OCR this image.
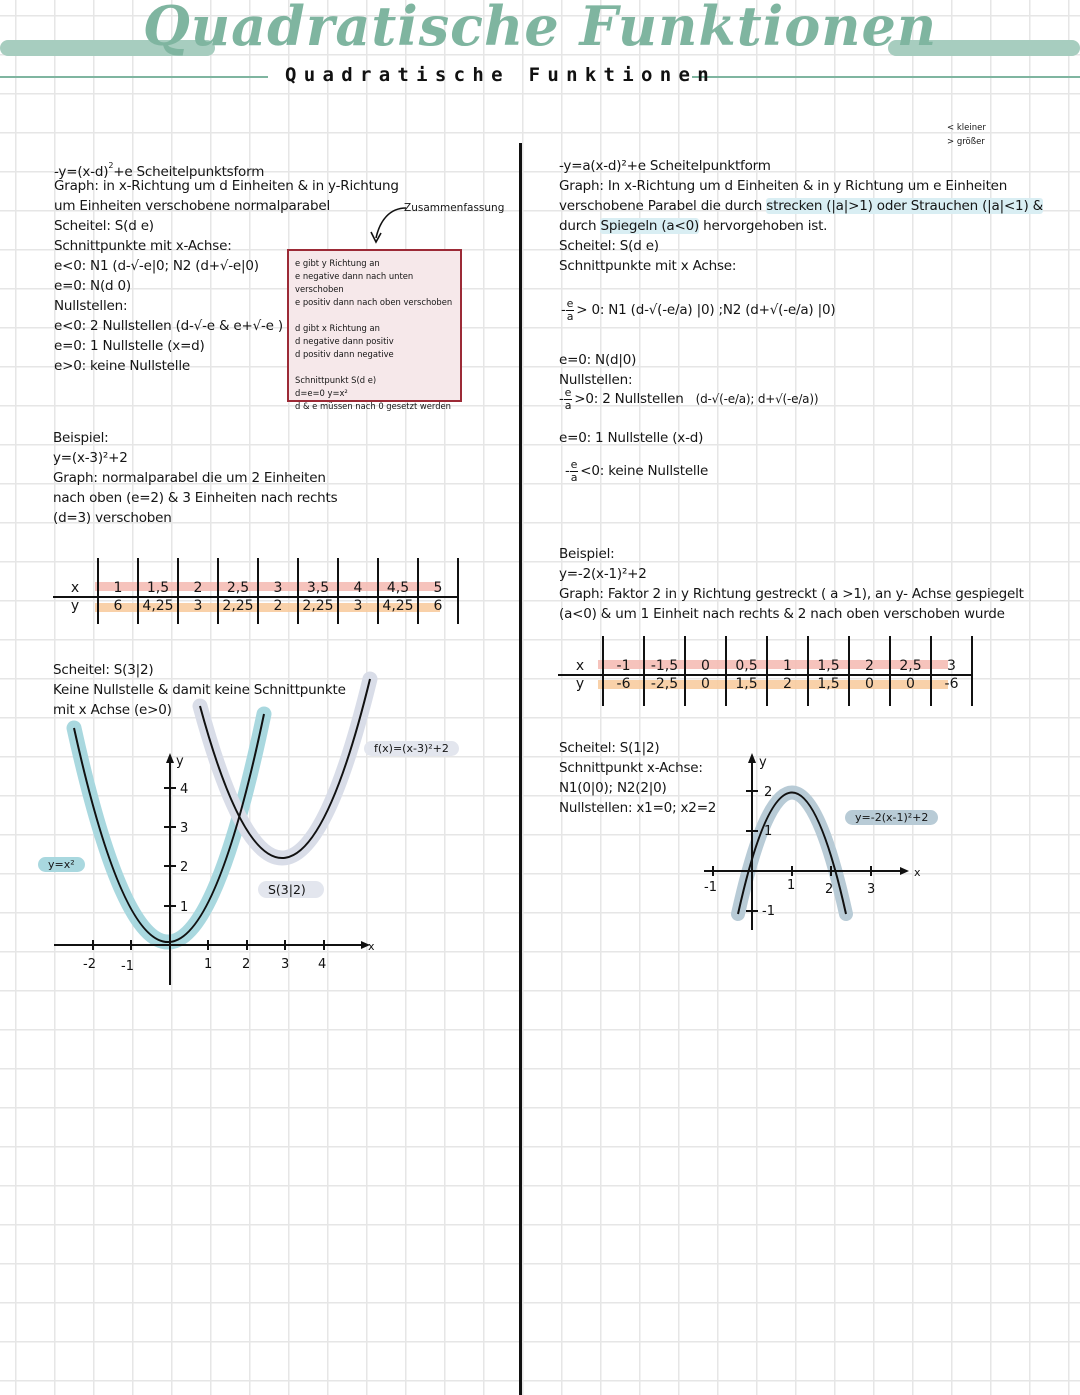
Quadratische Funktionen
Quadratische Funktionen
$-y=(x-d)^2+e$ Scheitelpunktsform
Graph: in x-Richtung um d Einheiten & in y-Richtung
um Einheiten verschobene normalparabel
Scheitel: S(d e)
Schnittpunkte mit x-Achse:
e<0: N1 (d-√-e|0; N2 (d+√-e|0)
e=0: N(d 0)
Nullstellen:
e<0: 2 Nullstellen (d-√-e & e+√-e )
e=0: 1 Nullstelle (x=d)
e>0: keine Nullstelle
Zusammenfassung
e gibt y Richtung an
e negative dann nach unten verschoben
e positiv dann nach oben verschoben
d gibt x Richtung an
d negative dann positiv
d positiv dann negative
Schnittpunkt S(d e)
d=e=0 y=x²
d & e müssen nach 0 gesetzt werden
Beispiel:
y=(x-3)²+2
Graph: normalparabel die um 2 Einheiten
nach oben (e=2) & 3 Einheiten nach rechts
(d=3) verschoben
x	1	1,5	2	2,5	3	3,5	4	4,5	5
y	6	4,25	3	2,25	2	2,25	3	4,25	6
Scheitel: S(3|2)
Keine Nullstelle & damit keine Schnittpunkte
mit x Achse (e>0)
-2 -1	1 2 3 4
1
2
3
4
y
x
y=x²
f(x)=(x-3)²+2
S(3|2)
< kleiner
> größer
-y=a(x-d)²+e Scheitelpunktform
Graph: In x-Richtung um d Einheiten & in y Richtung um e Einheiten
verschobene Parabel die durch strecken (|a|>1) oder Strauchen (|a|<1) &
durch Spiegeln (a<0) hervorgehoben ist.
Scheitel: S(d e)
Schnittpunkte mit x Achse:
- $\frac{e}{a} > 0$: N1 (d-√(-e/a) |0) ;N2 (d+√(-e/a) |0)
e=0: N(d|0)
Nullstellen:
- $\frac{e}{a} >0$: 2 Nullstellen (d-√(-e/a); d+√(-e/a))
e=0: 1 Nullstelle (x-d)
- $\frac{e}{a} <0$: keine Nullstelle
Beispiel:
y=-2(x-1)²+2
Graph: Faktor 2 in y Richtung gestreckt ( a >1), an y- Achse gespiegelt
(a<0) & um 1 Einheit nach rechts & 2 nach oben verschoben wurde
x	-1	-1,5	0	0,5	1	1,5	2	2,5	3
y	-6	-2,5	0	1,5	2	1,5	0	0	-6
Scheitel: S(1|2)
Schnittpunkt x-Achse:
N1(0|0); N2(2|0)
Nullstellen: x1=0; x2=2
-1	1 2	3
-1
1
2
y
x
y=-2(x-1)²+2
